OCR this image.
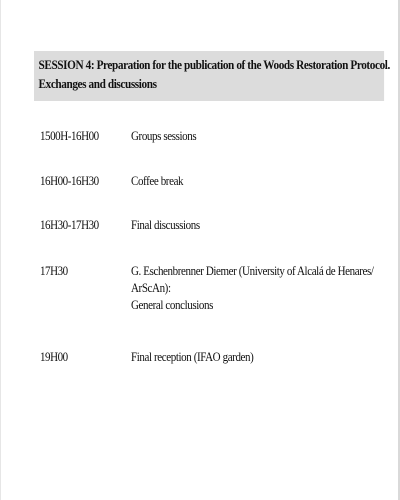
SESSION 4: Preparation for the publication of the Woods Restoration Protocol.
Exchanges and discussions
1500H-16H00	Groups sessions
16H00-16H30	Coffee break
16H30-17H30	Final discussions
17H30	G. Eschenbrenner Diemer (University of Alcalá de Henares/
ArScAn):
General conclusions
19H00	Final reception (IFAO garden)
